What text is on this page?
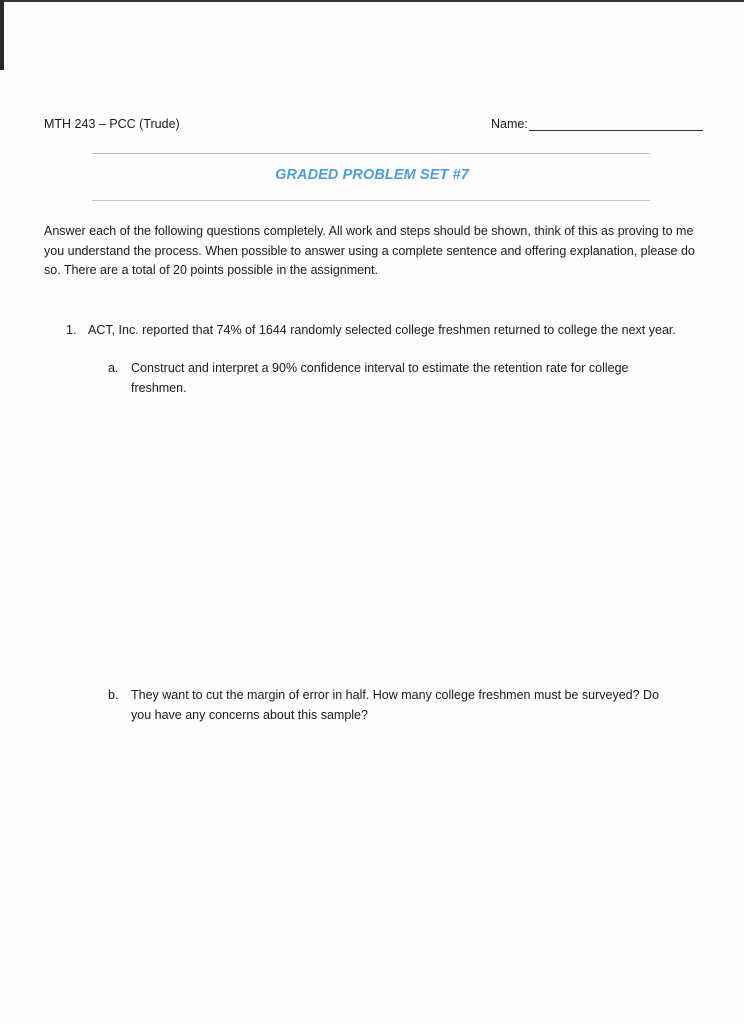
MTH 243 – PCC (Trude)	Name:
GRADED PROBLEM SET #7
Answer each of the following questions completely. All work and steps should be shown, think of this as proving to me you understand the process. When possible to answer using a complete sentence and offering explanation, please do so. There are a total of 20 points possible in the assignment.
1. ACT, Inc. reported that 74% of 1644 randomly selected college freshmen returned to college the next year.
a. Construct and interpret a 90% confidence interval to estimate the retention rate for college freshmen.
b. They want to cut the margin of error in half. How many college freshmen must be surveyed? Do you have any concerns about this sample?
